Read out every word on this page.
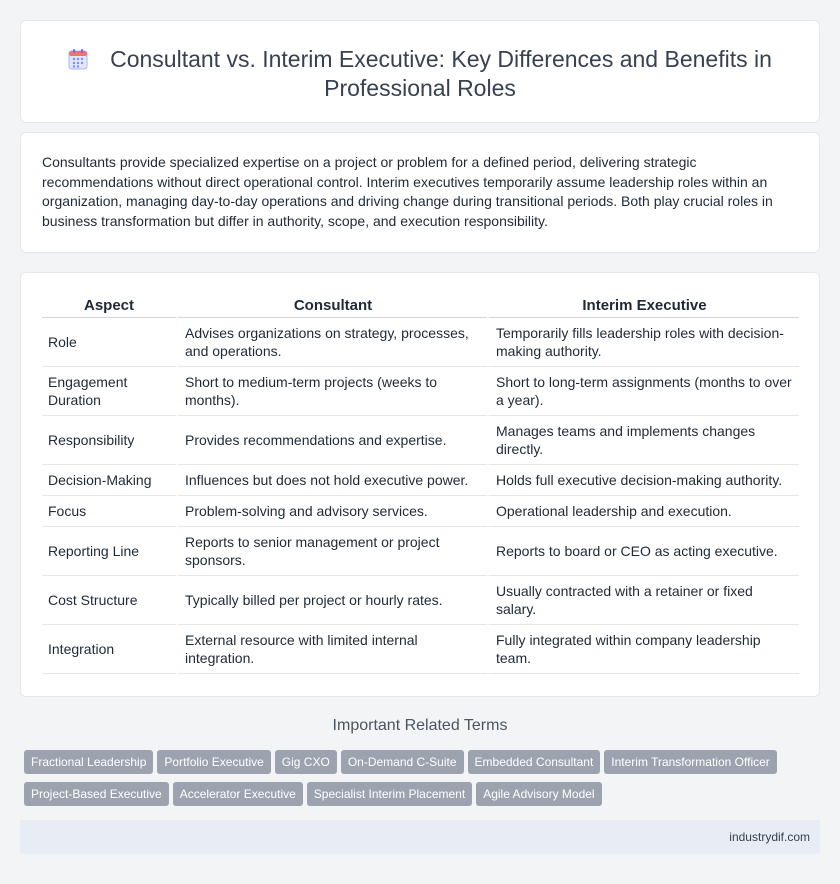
Consultant vs. Interim Executive: Key Differences and Benefits in Professional Roles

Consultants provide specialized expertise on a project or problem for a defined period, delivering strategic recommendations without direct operational control. Interim executives temporarily assume leadership roles within an organization, managing day-to-day operations and driving change during transitional periods. Both play crucial roles in business transformation but differ in authority, scope, and execution responsibility.

Aspect	Consultant	Interim Executive
Role	Advises organizations on strategy, processes, and operations.	Temporarily fills leadership roles with decision-making authority.
Engagement Duration	Short to medium-term projects (weeks to months).	Short to long-term assignments (months to over a year).
Responsibility	Provides recommendations and expertise.	Manages teams and implements changes directly.
Decision-Making	Influences but does not hold executive power.	Holds full executive decision-making authority.
Focus	Problem-solving and advisory services.	Operational leadership and execution.
Reporting Line	Reports to senior management or project sponsors.	Reports to board or CEO as acting executive.
Cost Structure	Typically billed per project or hourly rates.	Usually contracted with a retainer or fixed salary.
Integration	External resource with limited internal integration.	Fully integrated within company leadership team.
Important Related Terms
Fractional Leadership Portfolio Executive Gig CXO On-Demand C-Suite Embedded Consultant Interim Transformation Officer
Project-Based Executive Accelerator Executive Specialist Interim Placement Agile Advisory Model
industrydif.com
